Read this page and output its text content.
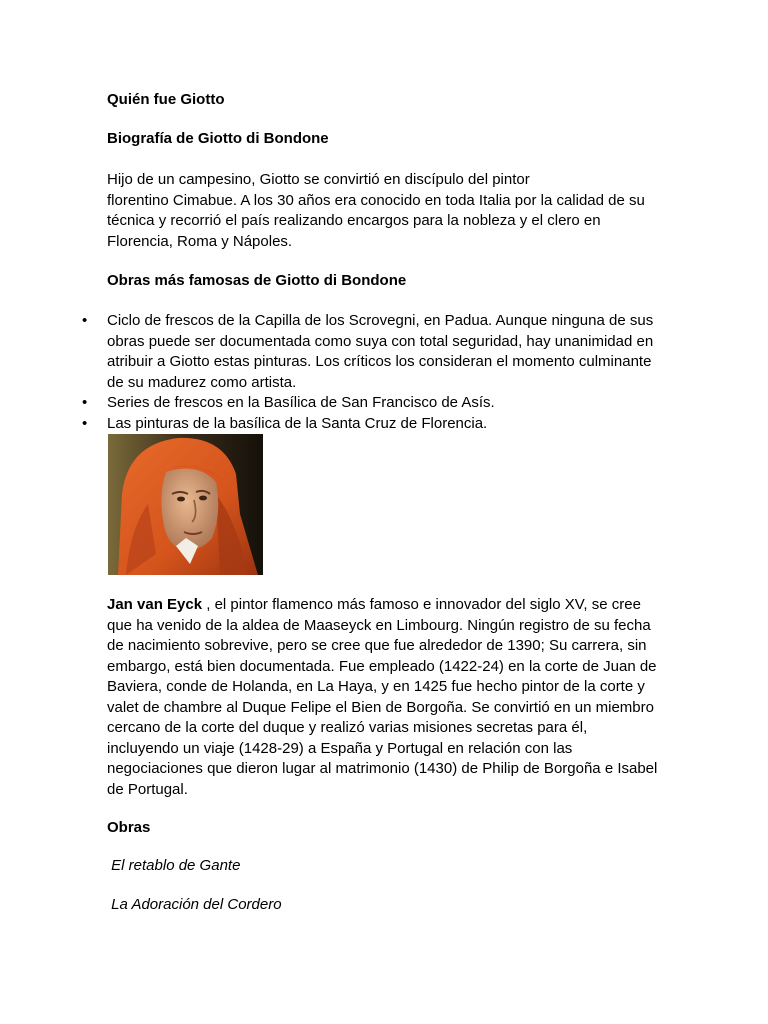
Quién fue Giotto

Biografía de Giotto di Bondone

Hijo de un campesino, Giotto se convirtió en discípulo del pintor
florentino Cimabue. A los 30 años era conocido en toda Italia por la calidad de su
técnica y recorrió el país realizando encargos para la nobleza y el clero en
Florencia, Roma y Nápoles.

Obras más famosas de Giotto di Bondone

• Ciclo de frescos de la Capilla de los Scrovegni, en Padua. Aunque ninguna de sus
obras puede ser documentada como suya con total seguridad, hay unanimidad en
atribuir a Giotto estas pinturas. Los críticos los consideran el momento culminante
de su madurez como artista.
• Series de frescos en la Basílica de San Francisco de Asís.
• Las pinturas de la basílica de la Santa Cruz de Florencia.

Jan van Eyck , el pintor flamenco más famoso e innovador del siglo XV, se cree
que ha venido de la aldea de Maaseyck en Limbourg. Ningún registro de su fecha
de nacimiento sobrevive, pero se cree que fue alrededor de 1390; Su carrera, sin
embargo, está bien documentada. Fue empleado (1422-24) en la corte de Juan de
Baviera, conde de Holanda, en La Haya, y en 1425 fue hecho pintor de la corte y
valet de chambre al Duque Felipe el Bien de Borgoña. Se convirtió en un miembro
cercano de la corte del duque y realizó varias misiones secretas para él,
incluyendo un viaje (1428-29) a España y Portugal en relación con las
negociaciones que dieron lugar al matrimonio (1430) de Philip de Borgoña e Isabel
de Portugal.

Obras

El retablo de Gante

La Adoración del Cordero
